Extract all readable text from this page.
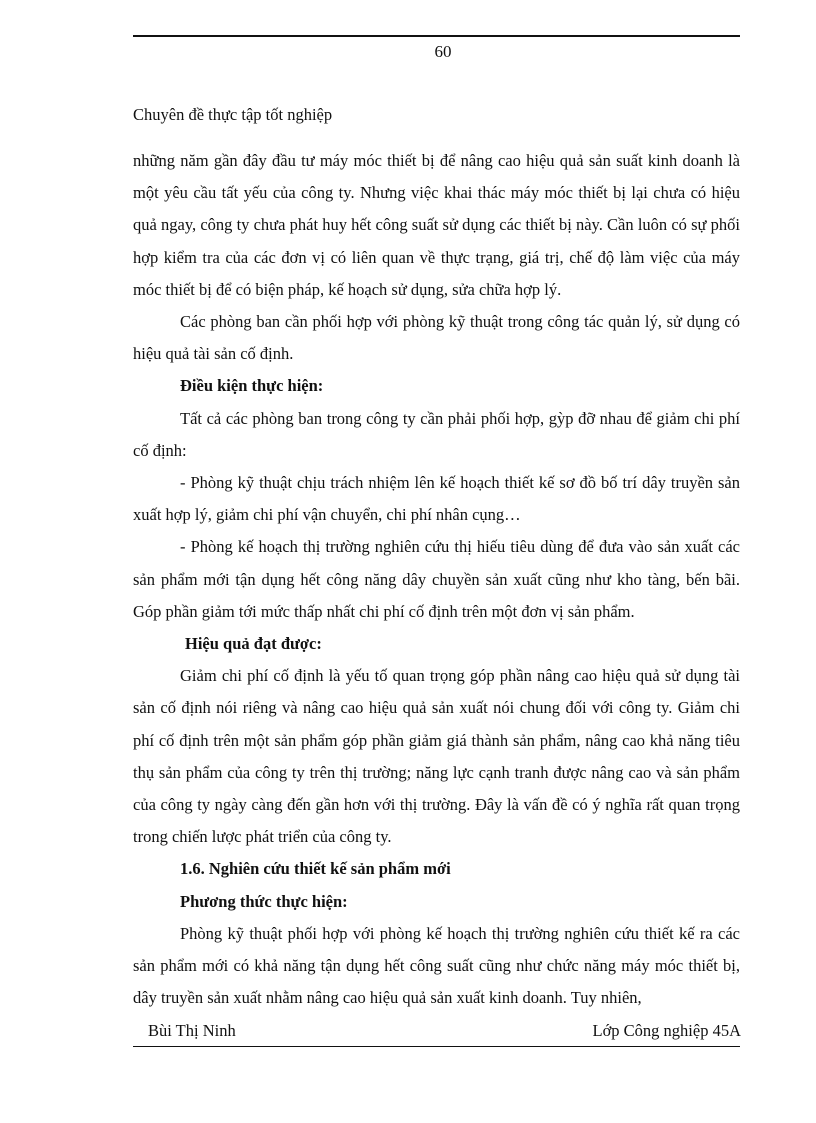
60
Chuyên đề thực tập tốt nghiệp

những năm gần đây đầu tư máy móc thiết bị để nâng cao hiệu quả sản suất kinh doanh là một yêu cầu tất yếu của công ty. Nhưng việc khai thác máy móc thiết bị lại chưa có hiệu quả ngay, công ty chưa phát huy hết công suất sử dụng các thiết bị này. Cần luôn có sự phối hợp kiểm tra của các đơn vị có liên quan về thực trạng, giá trị, chế độ làm việc của máy móc thiết bị để có biện pháp, kế hoạch sử dụng, sửa chữa hợp lý.

Các phòng ban cần phối hợp với phòng kỹ thuật trong công tác quản lý, sử dụng có hiệu quả tài sản cố định.

Điều kiện thực hiện:

Tất cả các phòng ban trong công ty cần phải phối hợp, gỳp đỡ nhau để giảm chi phí cố định:

- Phòng kỹ thuật chịu trách nhiệm lên kế hoạch thiết kế sơ đồ bố trí dây truyền sản xuất hợp lý, giảm chi phí vận chuyển, chi phí nhân cụng…

- Phòng kế hoạch thị trường nghiên cứu thị hiếu tiêu dùng để đưa vào sản xuất các sản phẩm mới tận dụng hết công năng dây chuyền sản xuất cũng như kho tàng, bến bãi. Góp phần giảm tới mức thấp nhất chi phí cố định trên một đơn vị sản phẩm.

Hiệu quả đạt được:

Giảm chi phí cố định là yếu tố quan trọng góp phần nâng cao hiệu quả sử dụng tài sản cố định nói riêng và nâng cao hiệu quả sản xuất nói chung đối với công ty. Giảm chi phí cố định trên một sản phẩm góp phần giảm giá thành sản phẩm, nâng cao khả năng tiêu thụ sản phẩm của công ty trên thị trường; năng lực cạnh tranh được nâng cao và sản phẩm của công ty ngày càng đến gần hơn với thị trường. Đây là vấn đề có ý nghĩa rất quan trọng trong chiến lược phát triển của công ty.

1.6. Nghiên cứu thiết kế sản phẩm mới

Phương thức thực hiện:

Phòng kỹ thuật phối hợp với phòng kế hoạch thị trường nghiên cứu thiết kế ra các sản phẩm mới có khả năng tận dụng hết công suất cũng như chức năng máy móc thiết bị, dây truyền sản xuất nhằm nâng cao hiệu quả sản xuất kinh doanh. Tuy nhiên,

Bùi Thị Ninh	Lớp Công nghiệp 45A
